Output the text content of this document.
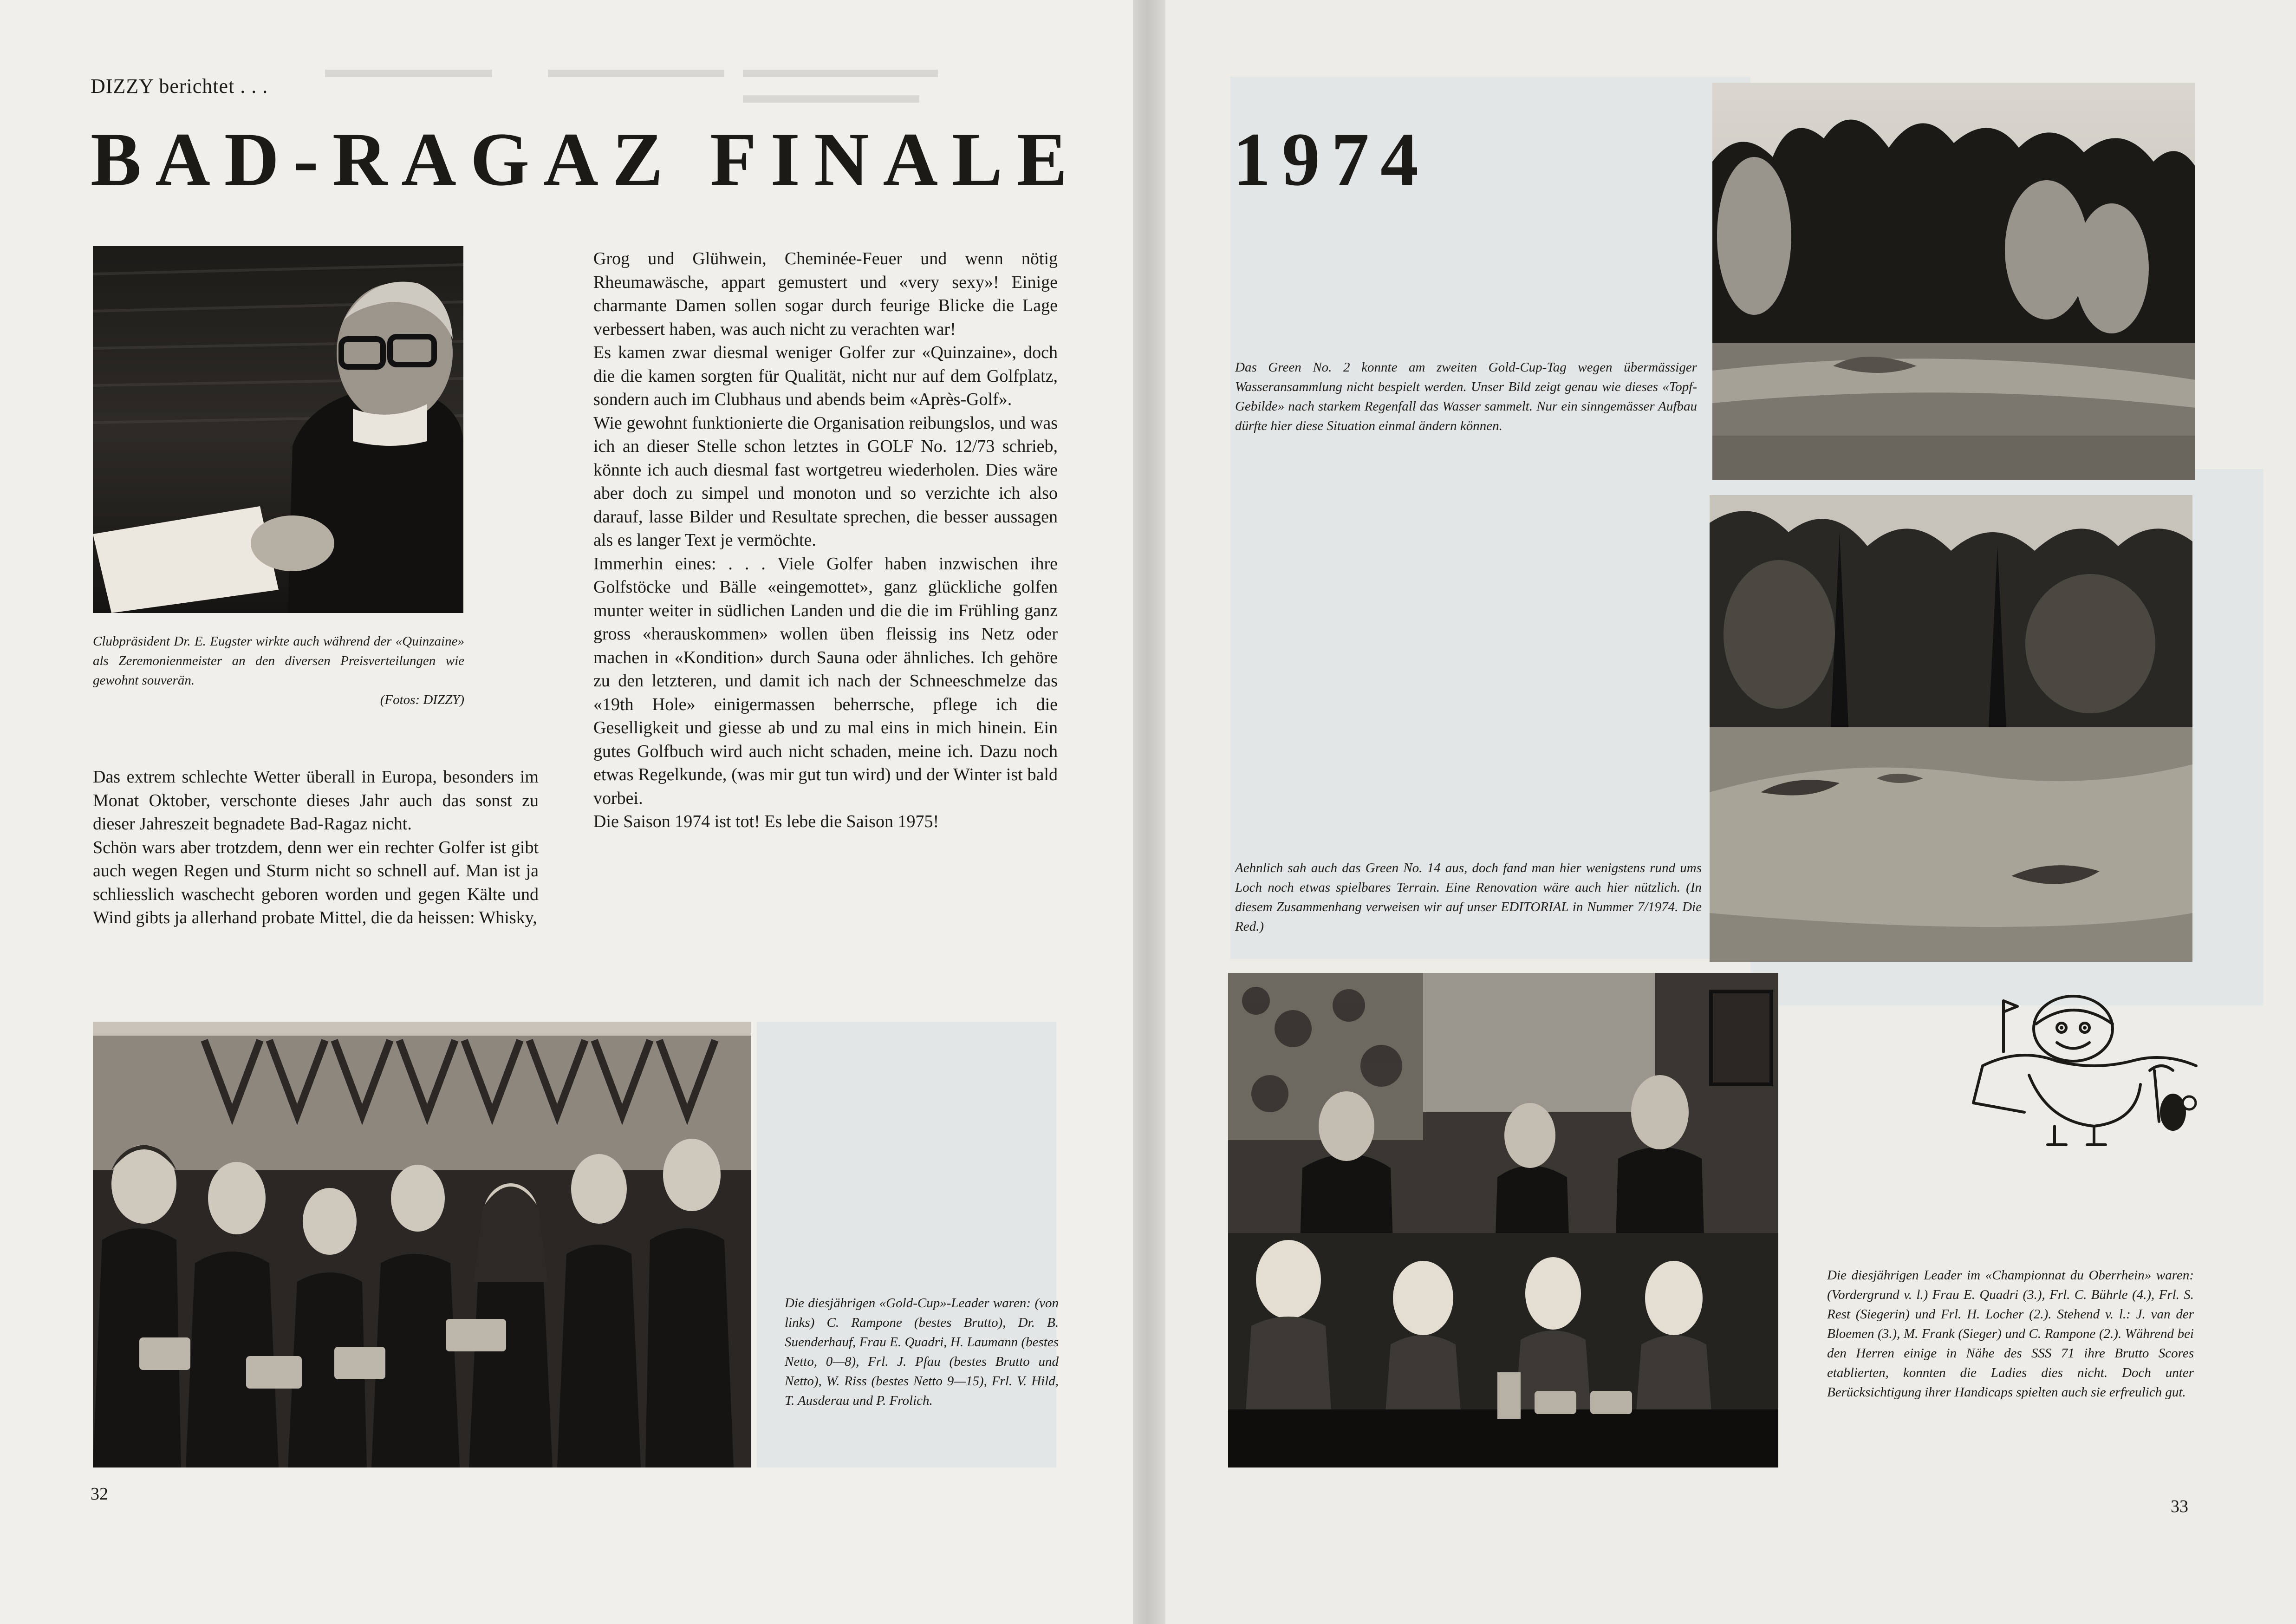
DIZZY berichtet . . .
BAD-RAGAZ FINALE
Clubpräsident Dr. E. Eugster wirkte auch während der «Quinzaine» als Zeremonienmeister an den diversen Preisverteilungen wie gewohnt souverän.
(Fotos: DIZZY)
Das extrem schlechte Wetter überall in Europa, besonders im Monat Oktober, verschonte dieses Jahr auch das sonst zu dieser Jahreszeit begnadete Bad-Ragaz nicht.
Schön wars aber trotzdem, denn wer ein rechter Golfer ist gibt auch wegen Regen und Sturm nicht so schnell auf. Man ist ja schliesslich waschecht geboren worden und gegen Kälte und Wind gibts ja allerhand probate Mittel, die da heissen: Whisky,
Grog und Glühwein, Cheminée-Feuer und wenn nötig Rheumawäsche, appart gemustert und «very sexy»! Einige charmante Damen sollen sogar durch feurige Blicke die Lage verbessert haben, was auch nicht zu verachten war!
Es kamen zwar diesmal weniger Golfer zur «Quinzaine», doch die die kamen sorgten für Qualität, nicht nur auf dem Golfplatz, sondern auch im Clubhaus und abends beim «Après-Golf».
Wie gewohnt funktionierte die Organisation reibungslos, und was ich an dieser Stelle schon letztes in GOLF No. 12/73 schrieb, könnte ich auch diesmal fast wortgetreu wiederholen. Dies wäre aber doch zu simpel und monoton und so verzichte ich also darauf, lasse Bilder und Resultate sprechen, die besser aussagen als es langer Text je vermöchte.
Immerhin eines: . . . Viele Golfer haben inzwischen ihre Golfstöcke und Bälle «eingemottet», ganz glückliche golfen munter weiter in südlichen Landen und die die im Frühling ganz gross «herauskommen» wollen üben fleissig ins Netz oder machen in «Kondition» durch Sauna oder ähnliches. Ich gehöre zu den letzteren, und damit ich nach der Schneeschmelze das «19th Hole» einigermassen beherrsche, pflege ich die Geselligkeit und giesse ab und zu mal eins in mich hinein. Ein gutes Golfbuch wird auch nicht schaden, meine ich. Dazu noch etwas Regelkunde, (was mir gut tun wird) und der Winter ist bald vorbei.
Die Saison 1974 ist tot! Es lebe die Saison 1975!
Die diesjährigen «Gold-Cup»-Leader waren: (von links) C. Rampone (bestes Brutto), Dr. B. Suenderhauf, Frau E. Quadri, H. Laumann (bestes Netto, 0—8), Frl. J. Pfau (bestes Brutto und Netto), W. Riss (bestes Netto 9—15), Frl. V. Hild, T. Ausderau und P. Frolich.
32
1974
Das Green No. 2 konnte am zweiten Gold-Cup-Tag wegen übermässiger Wasseransammlung nicht bespielt werden. Unser Bild zeigt genau wie dieses «Topf-Gebilde» nach starkem Regenfall das Wasser sammelt. Nur ein sinngemässer Aufbau dürfte hier diese Situation einmal ändern können.
Aehnlich sah auch das Green No. 14 aus, doch fand man hier wenigstens rund ums Loch noch etwas spielbares Terrain. Eine Renovation wäre auch hier nützlich. (In diesem Zusammenhang verweisen wir auf unser EDITORIAL in Nummer 7/1974. Die Red.)
Die diesjährigen Leader im «Championnat du Oberrhein» waren: (Vordergrund v. l.) Frau E. Quadri (3.), Frl. C. Bührle (4.), Frl. S. Rest (Siegerin) und Frl. H. Locher (2.). Stehend v. l.: J. van der Bloemen (3.), M. Frank (Sieger) und C. Rampone (2.). Während bei den Herren einige in Nähe des SSS 71 ihre Brutto Scores etablierten, konnten die Ladies dies nicht. Doch unter Berücksichtigung ihrer Handicaps spielten auch sie erfreulich gut.
33
